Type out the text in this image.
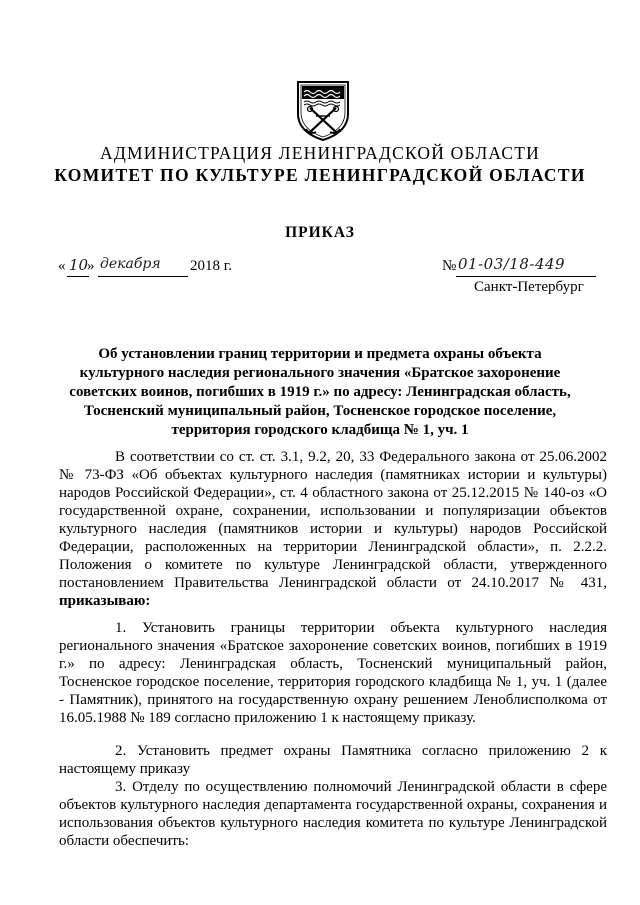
АДМИНИСТРАЦИЯ ЛЕНИНГРАДСКОЙ ОБЛАСТИ
КОМИТЕТ ПО КУЛЬТУРЕ ЛЕНИНГРАДСКОЙ ОБЛАСТИ
ПРИКАЗ
« 10
» декабря 2018 г.	№ 01-03/18-449
Санкт-Петербург
Об установлении границ территории и предмета охраны объекта культурного наследия регионального значения «Братское захоронение советских воинов, погибших в 1919 г.» по адресу: Ленинградская область, Тосненский муниципальный район, Тосненское городское поселение, территория городского кладбища № 1, уч. 1
В соответствии со ст. ст. 3.1, 9.2, 20, 33 Федерального закона от 25.06.2002 № 73-ФЗ «Об объектах культурного наследия (памятниках истории и культуры) народов Российской Федерации», ст. 4 областного закона от 25.12.2015 № 140-оз «О государственной охране, сохранении, использовании и популяризации объектов культурного наследия (памятников истории и культуры) народов Российской Федерации, расположенных на территории Ленинградской области», п. 2.2.2. Положения о комитете по культуре Ленинградской области, утвержденного постановлением Правительства Ленинградской области от 24.10.2017 № 431, приказываю:

1. Установить границы территории объекта культурного наследия регионального значения «Братское захоронение советских воинов, погибших в 1919 г.» по адресу: Ленинградская область, Тосненский муниципальный район, Тосненское городское поселение, территория городского кладбища № 1, уч. 1 (далее - Памятник), принятого на государственную охрану решением Леноблисполкома от 16.05.1988 № 189 согласно приложению 1 к настоящему приказу.

2. Установить предмет охраны Памятника согласно приложению 2 к настоящему приказу

3. Отделу по осуществлению полномочий Ленинградской области в сфере объектов культурного наследия департамента государственной охраны, сохранения и использования объектов культурного наследия комитета по культуре Ленинградской области обеспечить:
